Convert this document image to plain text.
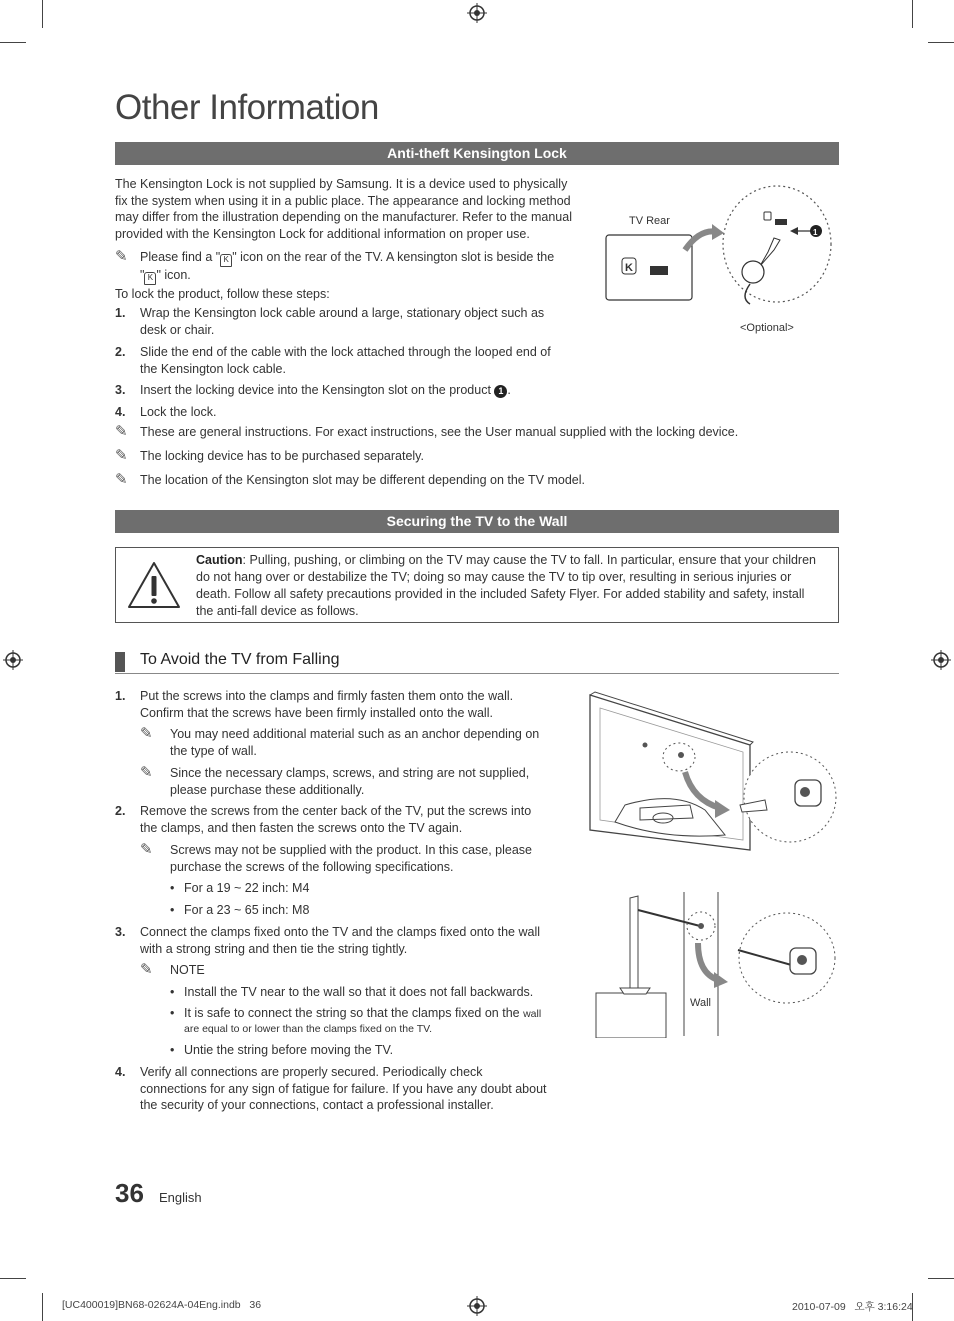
Other Information
Anti-theft Kensington Lock
The Kensington Lock is not supplied by Samsung. It is a device used to physically
fix the system when using it in a public place. The appearance and locking method
may differ from the illustration depending on the manufacturer. Refer to the manual
provided with the Kensington Lock for additional information on proper use.
✎ Please find a " K " icon on the rear of the TV. A kensington slot is beside the
" K " icon.
To lock the product, follow these steps:
1. Wrap the Kensington lock cable around a large, stationary object such as
desk or chair.
2. Slide the end of the cable with the lock attached through the looped end of
the Kensington lock cable.
3. Insert the locking device into the Kensington slot on the product 1 .
4. Lock the lock.
✎ These are general instructions. For exact instructions, see the User manual supplied with the locking device.
✎ The locking device has to be purchased separately.
✎ The location of the Kensington slot may be different depending on the TV model.
TV Rear
<Optional>
K
1
Securing the TV to the Wall
Caution: Pulling, pushing, or climbing on the TV may cause the TV to fall. In particular, ensure that your children
do not hang over or destabilize the TV; doing so may cause the TV to tip over, resulting in serious injuries or
death. Follow all safety precautions provided in the included Safety Flyer. For added stability and safety, install
the anti-fall device as follows.
To Avoid the TV from Falling
1. Put the screws into the clamps and firmly fasten them onto the wall.
Confirm that the screws have been firmly installed onto the wall.
✎ You may need additional material such as an anchor depending on
the type of wall.
✎ Since the necessary clamps, screws, and string are not supplied,
please purchase these additionally.
2. Remove the screws from the center back of the TV, put the screws into
the clamps, and then fasten the screws onto the TV again.
✎ Screws may not be supplied with the product. In this case, please
purchase the screws of the following specifications.
• For a 19 ~ 22 inch: M4
• For a 23 ~ 65 inch: M8
3. Connect the clamps fixed onto the TV and the clamps fixed onto the wall
with a strong string and then tie the string tightly.
✎ NOTE
• Install the TV near to the wall so that it does not fall backwards.
• It is safe to connect the string so that the clamps fixed on the wall
are equal to or lower than the clamps fixed on the TV.
• Untie the string before moving the TV.
4. Verify all connections are properly secured. Periodically check
connections for any sign of fatigue for failure. If you have any doubt about
the security of your connections, contact a professional installer.
Wall
36 English
[UC400019]BN68-02624A-04Eng.indb   36	2010-07-09   오후 3:16:24
